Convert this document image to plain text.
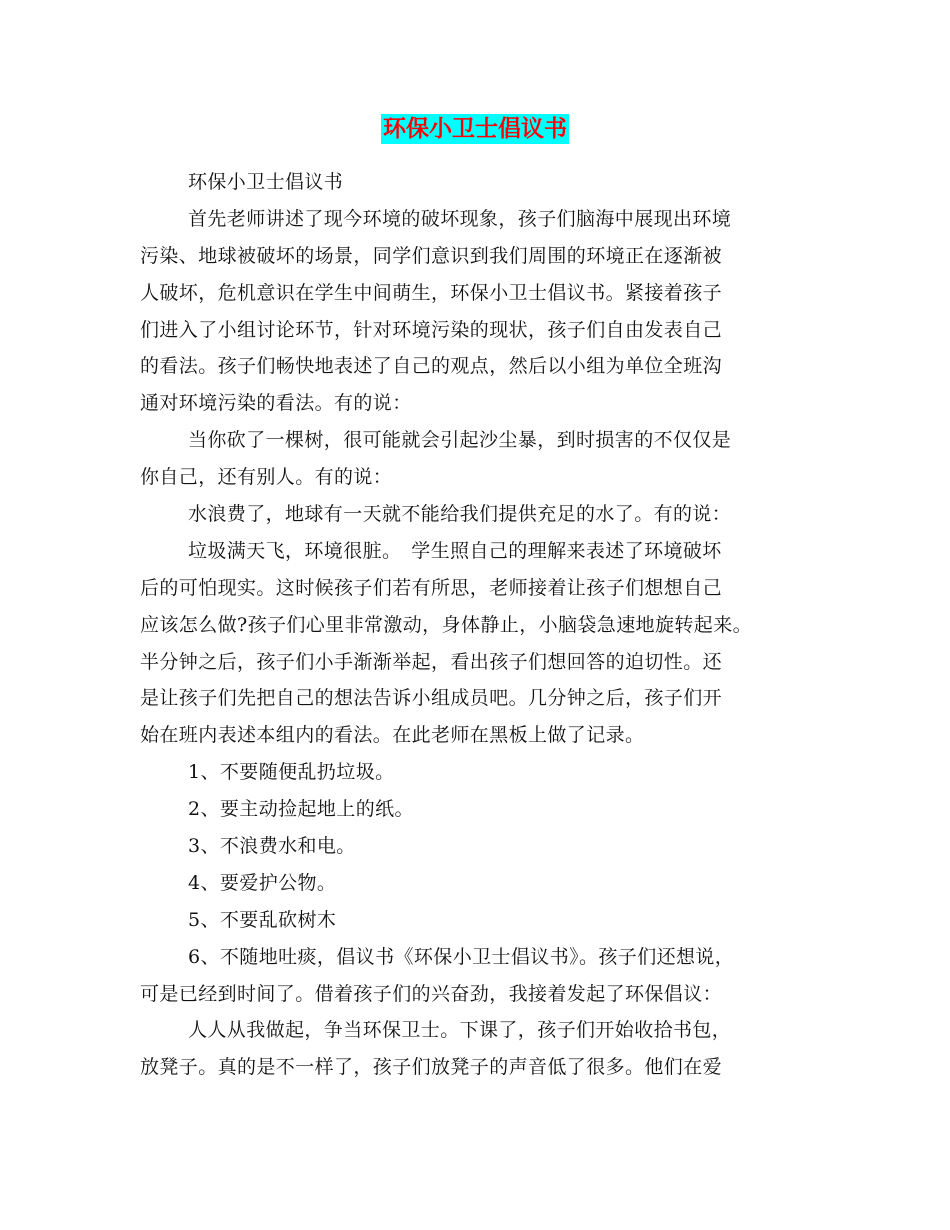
环保小卫士倡议书
环保小卫士倡议书
首先老师讲述了现今环境的破坏现象，孩子们脑海中展现出环境
污染、地球被破坏的场景，同学们意识到我们周围的环境正在逐渐被
人破坏，危机意识在学生中间萌生，环保小卫士倡议书。紧接着孩子
们进入了小组讨论环节，针对环境污染的现状，孩子们自由发表自己
的看法。孩子们畅快地表述了自己的观点，然后以小组为单位全班沟
通对环境污染的看法。有的说：
当你砍了一棵树，很可能就会引起沙尘暴，到时损害的不仅仅是
你自己，还有别人。有的说：
水浪费了，地球有一天就不能给我们提供充足的水了。有的说：
垃圾满天飞，环境很脏。　学生照自己的理解来表述了环境破坏
后的可怕现实。这时候孩子们若有所思，老师接着让孩子们想想自己
应该怎么做?孩子们心里非常激动，身体静止，小脑袋急速地旋转起来。
半分钟之后，孩子们小手渐渐举起，看出孩子们想回答的迫切性。还
是让孩子们先把自己的想法告诉小组成员吧。几分钟之后，孩子们开
始在班内表述本组内的看法。在此老师在黑板上做了记录。
1、不要随便乱扔垃圾。
2、要主动捡起地上的纸。
3、不浪费水和电。
4、要爱护公物。
5、不要乱砍树木
6、不随地吐痰，倡议书《环保小卫士倡议书》。孩子们还想说，
可是已经到时间了。借着孩子们的兴奋劲，我接着发起了环保倡议：
人人从我做起，争当环保卫士。下课了，孩子们开始收拾书包，
放凳子。真的是不一样了，孩子们放凳子的声音低了很多。他们在爱
